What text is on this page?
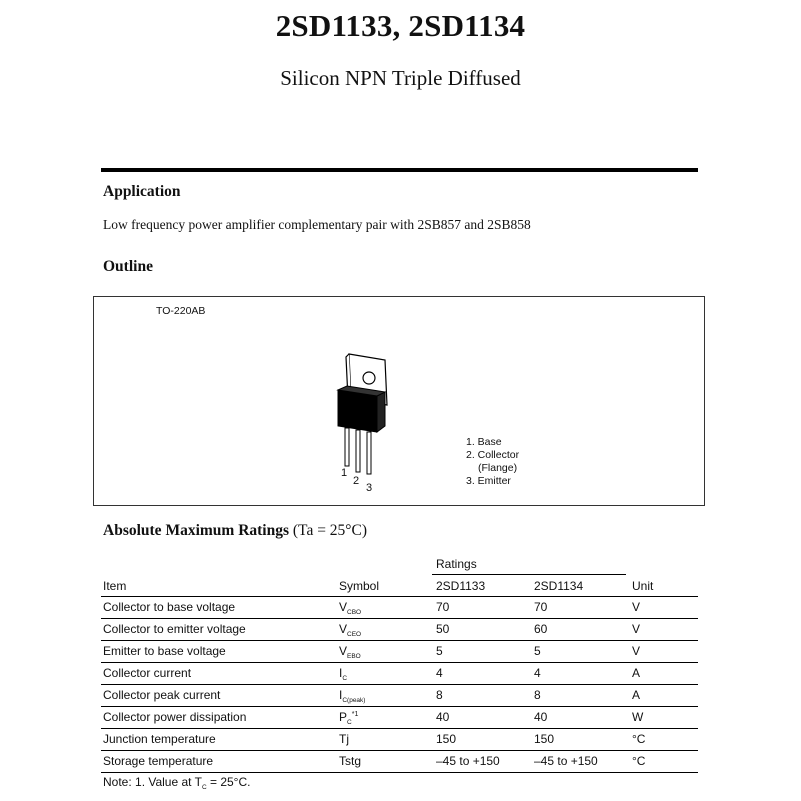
2SD1133, 2SD1134
Silicon NPN Triple Diffused
Application
Low frequency power amplifier complementary pair with 2SB857 and 2SB858
Outline
TO-220AB
1
2
3
1. Base
2. Collector
(Flange)
3. Emitter
Absolute Maximum Ratings (Ta = 25°C)
Ratings
Item	Symbol	2SD1133	2SD1134	Unit
Collector to base voltage	$V_{CBO}$	70	70	V
Collector to emitter voltage	$V_{CEO}$	50	60	V
Emitter to base voltage	$V_{EBO}$	5	5	V
Collector current	$I_C$	4	4	A
Collector peak current	$I_{C(peak)}$	8	8	A
Collector power dissipation	$P_C^{*1}$	40	40	W
Junction temperature	Tj	150	150	°C
Storage temperature	Tstg	–45 to +150	–45 to +150	°C
Note: 1. Value at $T_C = 25^\circ C$.
